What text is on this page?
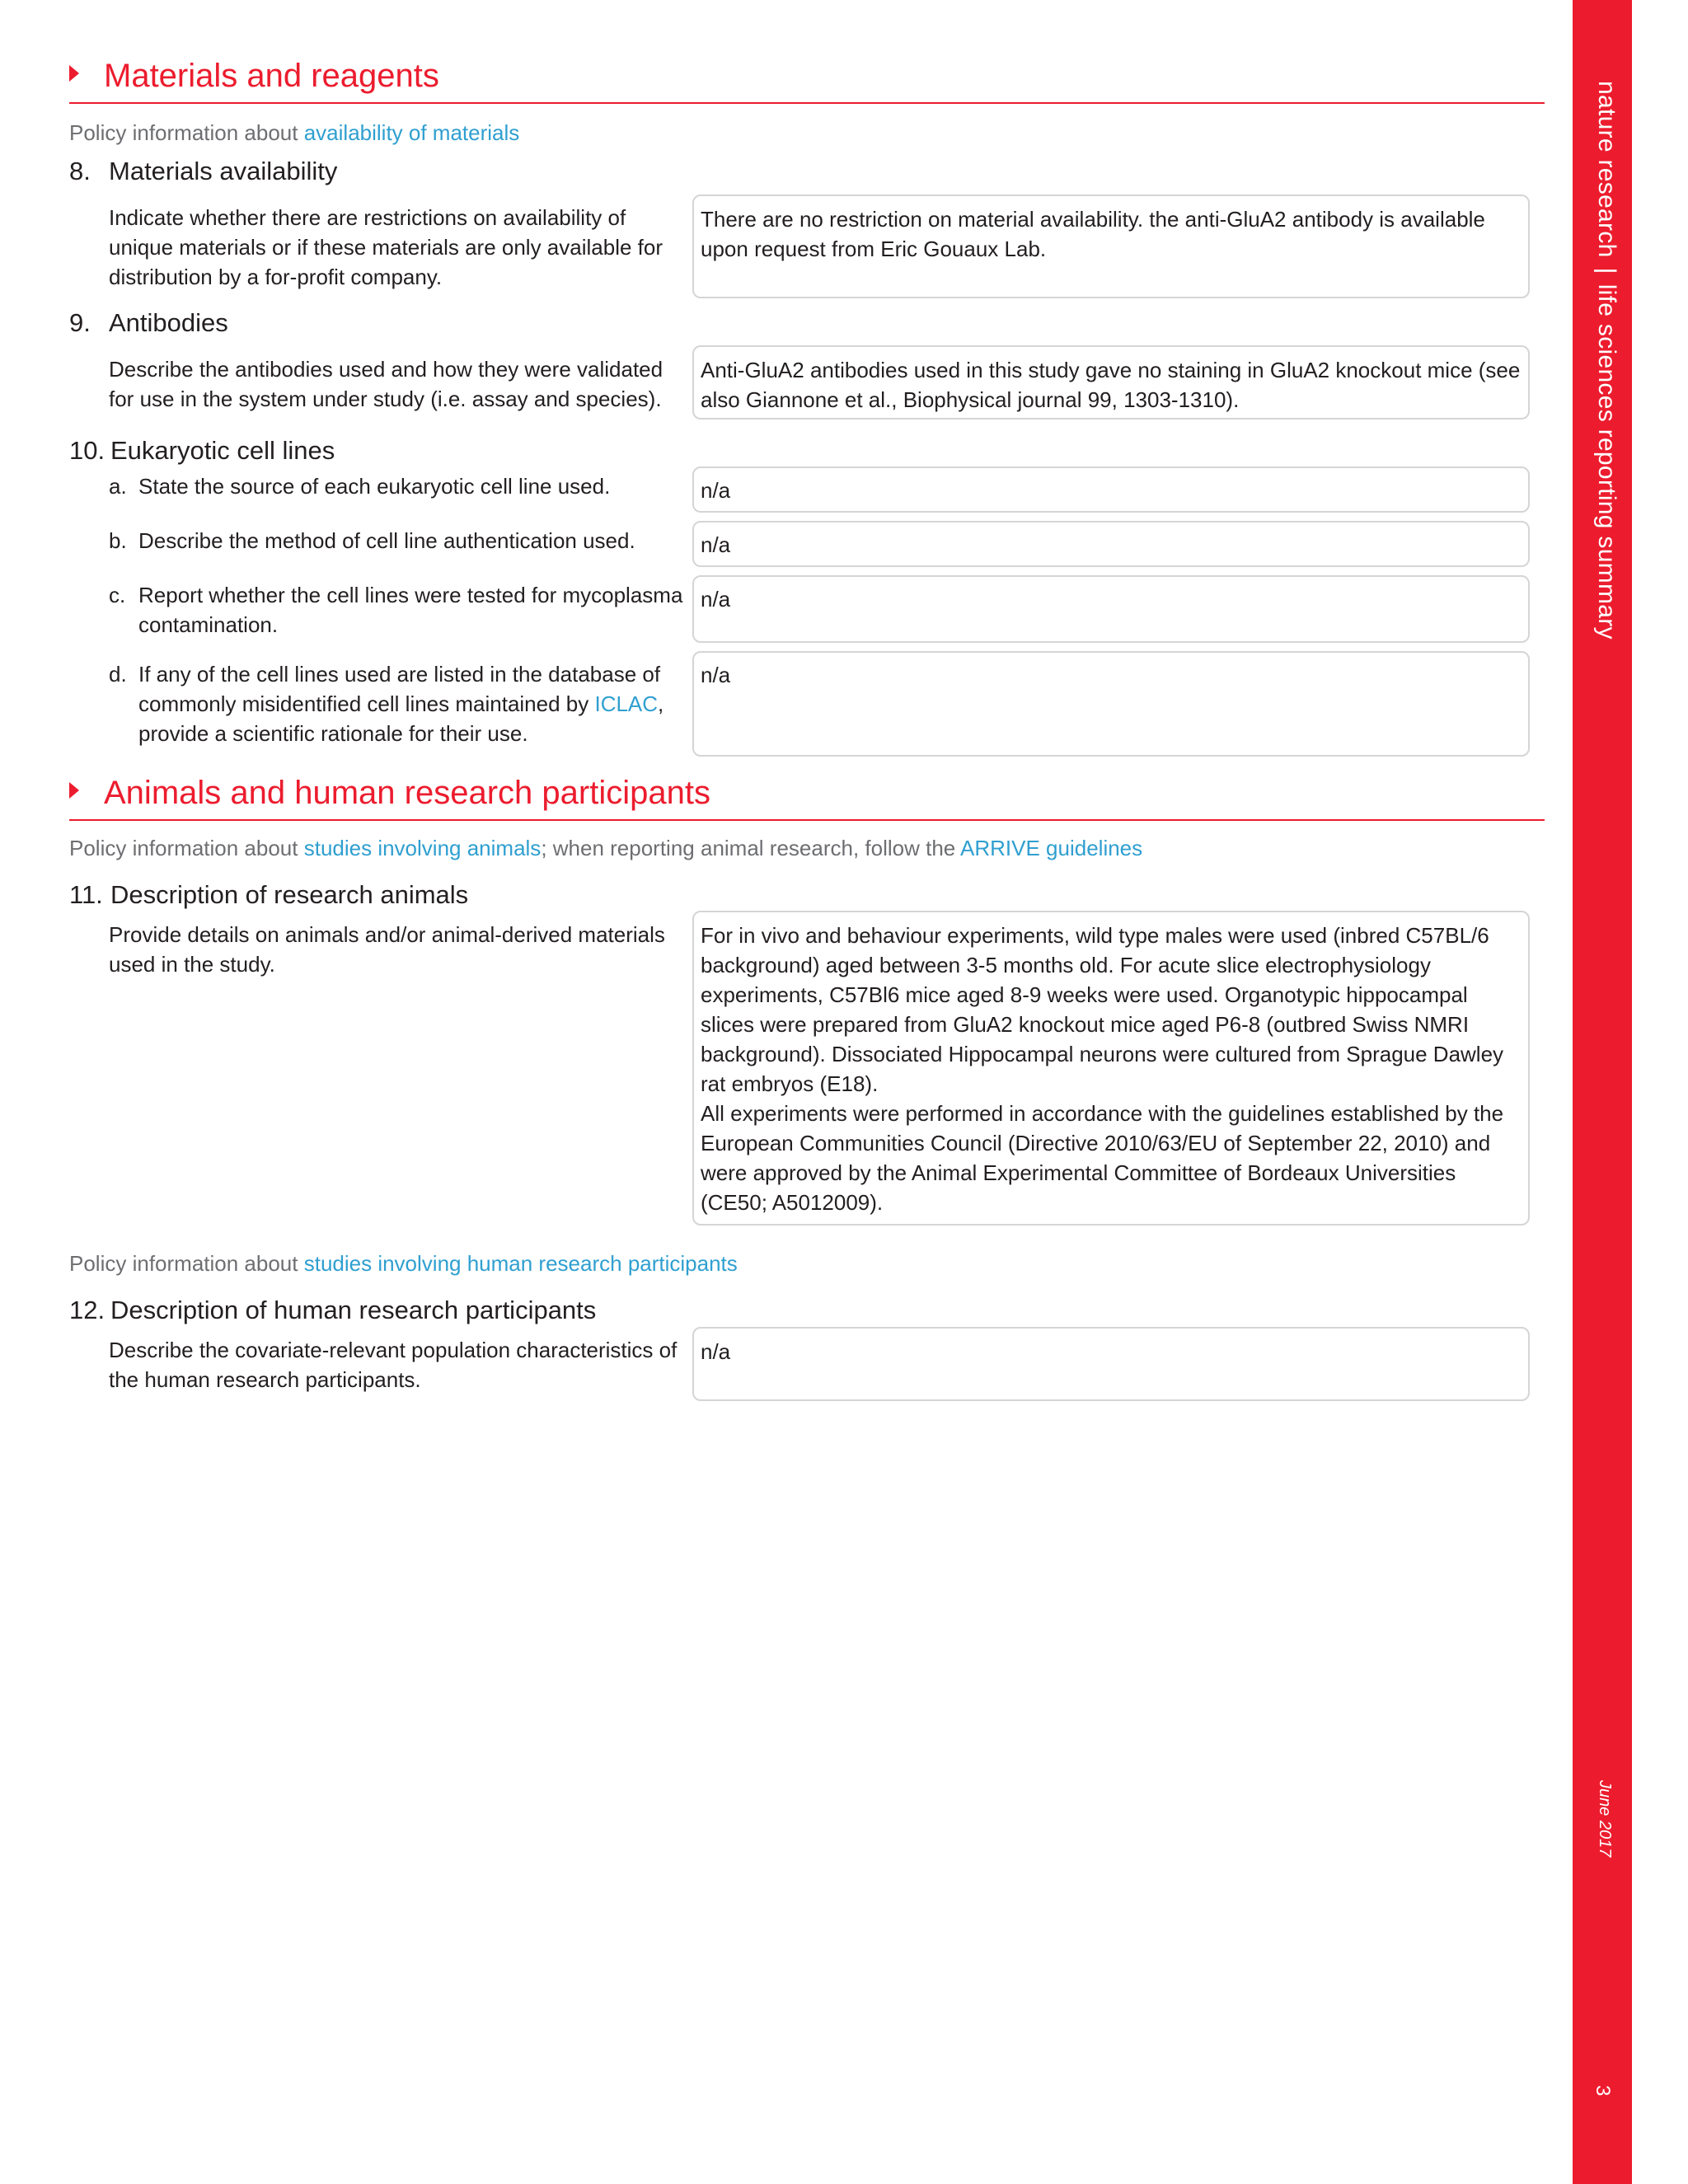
Materials and reagents
Policy information about availability of materials
8. Materials availability
Indicate whether there are restrictions on availability of unique materials or if these materials are only available for distribution by a for-profit company.
There are no restriction on material availability. the anti-GluA2 antibody is available upon request from Eric Gouaux Lab.
9. Antibodies
Describe the antibodies used and how they were validated for use in the system under study (i.e. assay and species).
Anti-GluA2 antibodies used in this study gave no staining in GluA2 knockout mice (see also Giannone et al., Biophysical journal 99, 1303-1310).
10. Eukaryotic cell lines
a. State the source of each eukaryotic cell line used.	n/a
b. Describe the method of cell line authentication used.	n/a
c. Report whether the cell lines were tested for mycoplasma contamination.
n/a
d. If any of the cell lines used are listed in the database of commonly misidentified cell lines maintained by ICLAC, provide a scientific rationale for their use.
n/a
Animals and human research participants
Policy information about studies involving animals; when reporting animal research, follow the ARRIVE guidelines
11. Description of research animals
Provide details on animals and/or animal-derived materials used in the study.
For in vivo and behaviour experiments, wild type males were used (inbred C57BL/6 background) aged between 3-5 months old. For acute slice electrophysiology experiments, C57Bl6 mice aged 8-9 weeks were used. Organotypic hippocampal slices were prepared from GluA2 knockout mice aged P6-8 (outbred Swiss NMRI background). Dissociated Hippocampal neurons were cultured from Sprague Dawley rat embryos (E18).
All experiments were performed in accordance with the guidelines established by the European Communities Council (Directive 2010/63/EU of September 22, 2010) and were approved by the Animal Experimental Committee of Bordeaux Universities (CE50; A5012009).
Policy information about studies involving human research participants
12. Description of human research participants
Describe the covariate-relevant population characteristics of the human research participants.
n/a
nature research|life sciences reporting summary
June 2017
3
